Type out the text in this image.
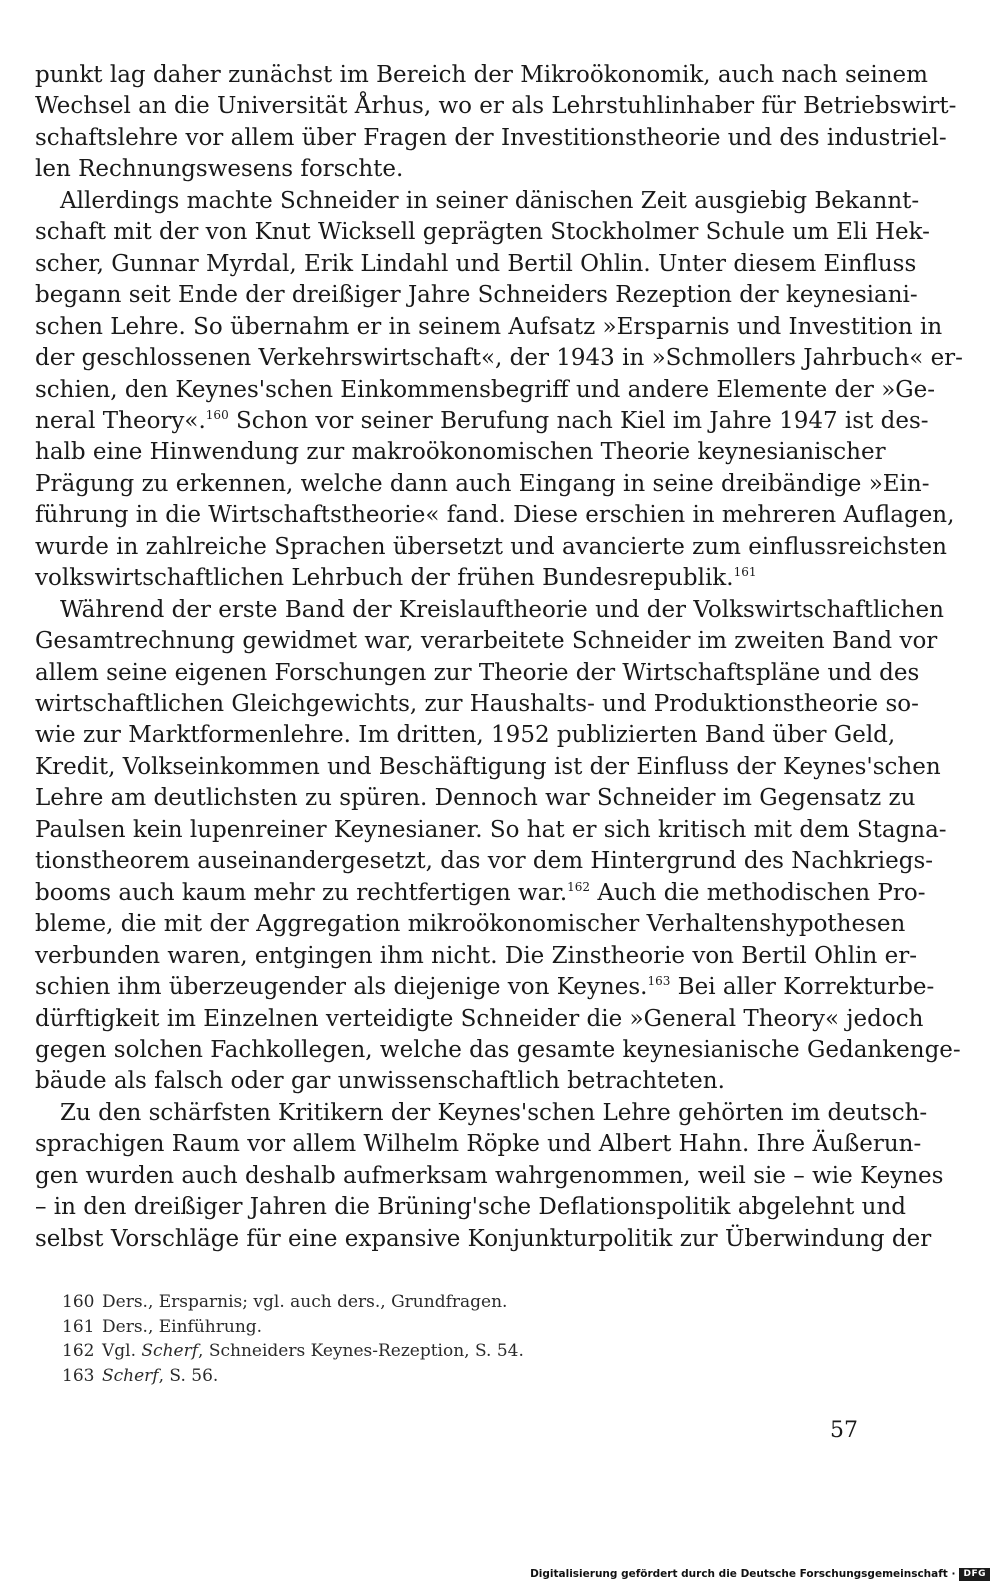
punkt lag daher zunächst im Bereich der Mikroökonomik, auch nach seinem
Wechsel an die Universität Århus, wo er als Lehrstuhlinhaber für Betriebswirt-
schaftslehre vor allem über Fragen der Investitionstheorie und des industriel-
len Rechnungswesens forschte.
Allerdings machte Schneider in seiner dänischen Zeit ausgiebig Bekannt-
schaft mit der von Knut Wicksell geprägten Stockholmer Schule um Eli Hek-
scher, Gunnar Myrdal, Erik Lindahl und Bertil Ohlin. Unter diesem Einfluss
begann seit Ende der dreißiger Jahre Schneiders Rezeption der keynesiani-
schen Lehre. So übernahm er in seinem Aufsatz »Ersparnis und Investition in
der geschlossenen Verkehrswirtschaft«, der 1943 in »Schmollers Jahrbuch« er-
schien, den Keynes'schen Einkommensbegriff und andere Elemente der »Ge-
neral Theory«.$^{160}$ Schon vor seiner Berufung nach Kiel im Jahre 1947 ist des-
halb eine Hinwendung zur makroökonomischen Theorie keynesianischer
Prägung zu erkennen, welche dann auch Eingang in seine dreibändige »Ein-
führung in die Wirtschaftstheorie« fand. Diese erschien in mehreren Auflagen,
wurde in zahlreiche Sprachen übersetzt und avancierte zum einflussreichsten
volkswirtschaftlichen Lehrbuch der frühen Bundesrepublik.$^{161}$
Während der erste Band der Kreislauftheorie und der Volkswirtschaftlichen
Gesamtrechnung gewidmet war, verarbeitete Schneider im zweiten Band vor
allem seine eigenen Forschungen zur Theorie der Wirtschaftspläne und des
wirtschaftlichen Gleichgewichts, zur Haushalts- und Produktionstheorie so-
wie zur Marktformenlehre. Im dritten, 1952 publizierten Band über Geld,
Kredit, Volkseinkommen und Beschäftigung ist der Einfluss der Keynes'schen
Lehre am deutlichsten zu spüren. Dennoch war Schneider im Gegensatz zu
Paulsen kein lupenreiner Keynesianer. So hat er sich kritisch mit dem Stagna-
tionstheorem auseinandergesetzt, das vor dem Hintergrund des Nachkriegs-
booms auch kaum mehr zu rechtfertigen war.$^{162}$ Auch die methodischen Pro-
bleme, die mit der Aggregation mikroökonomischer Verhaltenshypothesen
verbunden waren, entgingen ihm nicht. Die Zinstheorie von Bertil Ohlin er-
schien ihm überzeugender als diejenige von Keynes.$^{163}$ Bei aller Korrekturbe-
dürftigkeit im Einzelnen verteidigte Schneider die »General Theory« jedoch
gegen solchen Fachkollegen, welche das gesamte keynesianische Gedankenge-
bäude als falsch oder gar unwissenschaftlich betrachteten.
Zu den schärfsten Kritikern der Keynes'schen Lehre gehörten im deutsch-
sprachigen Raum vor allem Wilhelm Röpke und Albert Hahn. Ihre Äußerun-
gen wurden auch deshalb aufmerksam wahrgenommen, weil sie – wie Keynes
– in den dreißiger Jahren die Brüning'sche Deflationspolitik abgelehnt und
selbst Vorschläge für eine expansive Konjunkturpolitik zur Überwindung der
160 Ders., Ersparnis; vgl. auch ders., Grundfragen.
161 Ders., Einführung.
162 Vgl. Scherf, Schneiders Keynes-Rezeption, S. 54.
163 Scherf, S. 56.
57
Digitalisierung gefördert durch die Deutsche Forschungsgemeinschaft · DFG
